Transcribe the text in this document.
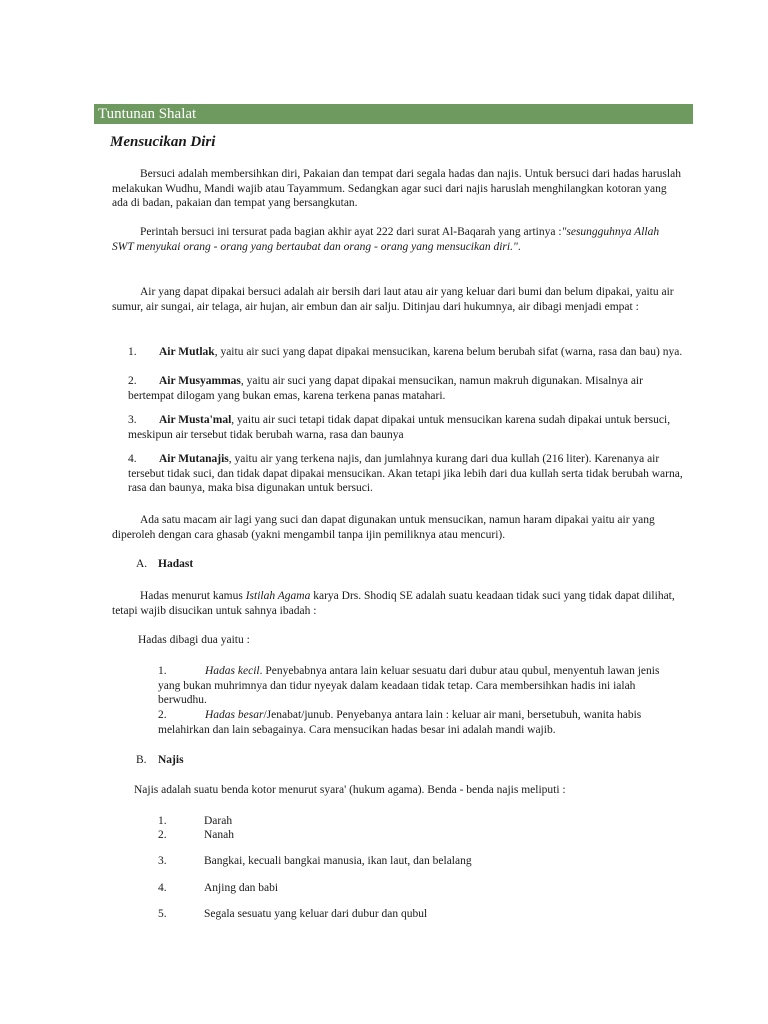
Tuntunan Shalat
Mensucikan Diri
Bersuci adalah membersihkan diri, Pakaian dan tempat dari segala hadas dan najis. Untuk bersuci dari hadas haruslah melakukan Wudhu, Mandi wajib atau Tayammum. Sedangkan agar suci dari najis haruslah menghilangkan kotoran yang ada di badan, pakaian dan tempat yang bersangkutan.
Perintah bersuci ini tersurat pada bagian akhir ayat 222 dari surat Al-Baqarah yang artinya :"sesungguhnya Allah SWT menyukai orang - orang yang bertaubat dan orang - orang yang mensucikan diri.".
Air yang dapat dipakai bersuci adalah air bersih dari laut atau air yang keluar dari bumi dan belum dipakai, yaitu air sumur, air sungai, air telaga, air hujan, air embun dan air salju. Ditinjau dari hukumnya, air dibagi menjadi empat :
1.	Air Mutlak, yaitu air suci yang dapat dipakai mensucikan, karena belum berubah sifat (warna, rasa dan bau) nya.
2.	Air Musyammas, yaitu air suci yang dapat dipakai mensucikan, namun makruh digunakan. Misalnya air bertempat dilogam yang bukan emas, karena terkena panas matahari.
3.	Air Musta'mal, yaitu air suci tetapi tidak dapat dipakai untuk mensucikan karena sudah dipakai untuk bersuci, meskipun air tersebut tidak berubah warna, rasa dan baunya
4.	Air Mutanajis, yaitu air yang terkena najis, dan jumlahnya kurang dari dua kullah (216 liter). Karenanya air tersebut tidak suci, dan tidak dapat dipakai mensucikan. Akan tetapi jika lebih dari dua kullah serta tidak berubah warna, rasa dan baunya, maka bisa digunakan untuk bersuci.
Ada satu macam air lagi yang suci dan dapat digunakan untuk mensucikan, namun haram dipakai yaitu air yang diperoleh dengan cara ghasab (yakni mengambil tanpa ijin pemiliknya atau mencuri).
A. Hadast
Hadas menurut kamus Istilah Agama karya Drs. Shodiq SE adalah suatu keadaan tidak suci yang tidak dapat dilihat, tetapi wajib disucikan untuk sahnya ibadah :
Hadas dibagi dua yaitu :
1.	Hadas kecil. Penyebabnya antara lain keluar sesuatu dari dubur atau qubul, menyentuh lawan jenis yang bukan muhrimnya dan tidur nyeyak dalam keadaan tidak tetap. Cara membersihkan hadis ini ialah berwudhu.
2.	Hadas besar/Jenabat/junub. Penyebanya antara lain : keluar air mani, bersetubuh, wanita habis melahirkan dan lain sebagainya. Cara mensucikan hadas besar ini adalah mandi wajib.
B. Najis
Najis adalah suatu benda kotor menurut syara' (hukum agama). Benda - benda najis meliputi :
1.	Darah
2.	Nanah
3.	Bangkai, kecuali bangkai manusia, ikan laut, dan belalang
4.	Anjing dan babi
5.	Segala sesuatu yang keluar dari dubur dan qubul
